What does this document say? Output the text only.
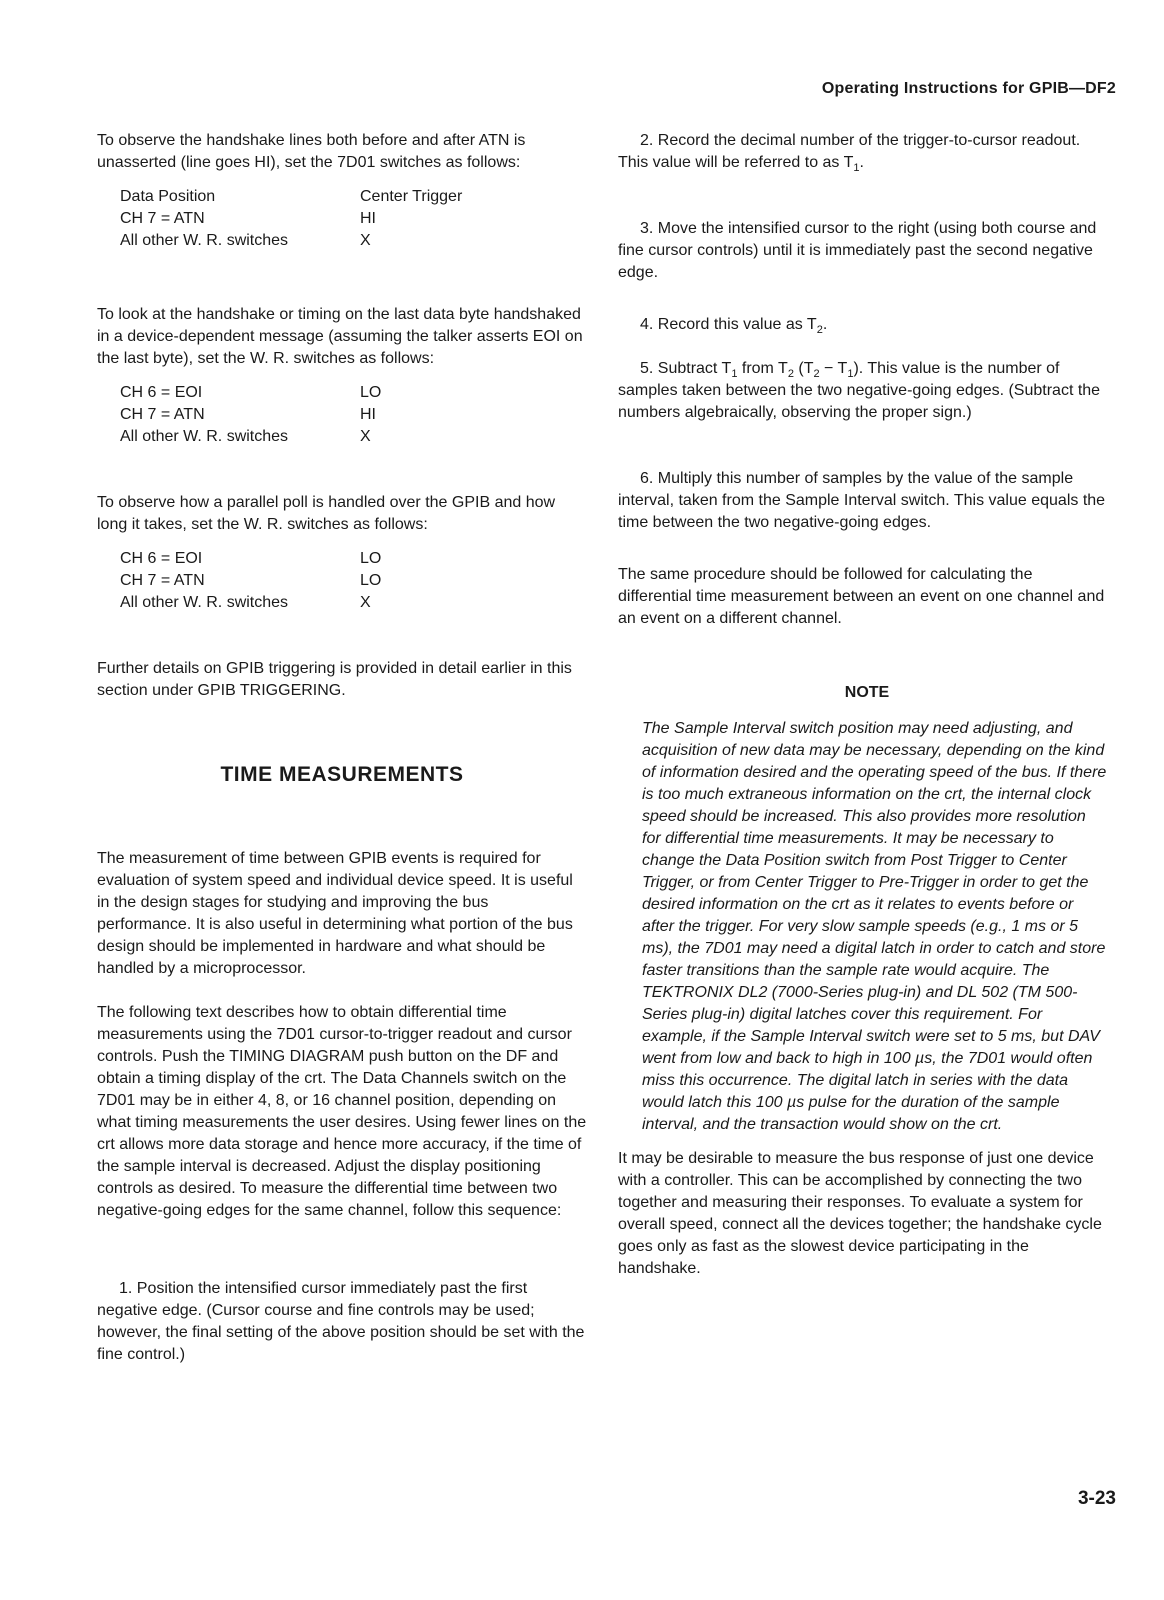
Operating Instructions for GPIB—DF2

To observe the handshake lines both before and after ATN is unasserted (line goes HI), set the 7D01 switches as follows:

Data Position	Center Trigger
CH 7 = ATN	HI
All other W. R. switches	X

To look at the handshake or timing on the last data byte handshaked in a device-dependent message (assuming the talker asserts EOI on the last byte), set the W. R. switches as follows:

CH 6 = EOI	LO
CH 7 = ATN	HI
All other W. R. switches	X

To observe how a parallel poll is handled over the GPIB and how long it takes, set the W. R. switches as follows:

CH 6 = EOI	LO
CH 7 = ATN	LO
All other W. R. switches	X

Further details on GPIB triggering is provided in detail earlier in this section under GPIB TRIGGERING.

TIME MEASUREMENTS

The measurement of time between GPIB events is required for evaluation of system speed and individual device speed. It is useful in the design stages for studying and improving the bus performance. It is also useful in determining what portion of the bus design should be implemented in hardware and what should be handled by a microprocessor.

The following text describes how to obtain differential time measurements using the 7D01 cursor-to-trigger readout and cursor controls. Push the TIMING DIAGRAM push button on the DF and obtain a timing display of the crt. The Data Channels switch on the 7D01 may be in either 4, 8, or 16 channel position, depending on what timing measurements the user desires. Using fewer lines on the crt allows more data storage and hence more accuracy, if the time of the sample interval is decreased. Adjust the display positioning controls as desired. To measure the differential time between two negative-going edges for the same channel, follow this sequence:

1. Position the intensified cursor immediately past the first negative edge. (Cursor course and fine controls may be used; however, the final setting of the above position should be set with the fine control.)

2. Record the decimal number of the trigger-to-cursor readout. This value will be referred to as $T_1$.

3. Move the intensified cursor to the right (using both course and fine cursor controls) until it is immediately past the second negative edge.

4. Record this value as $T_2$.

5. Subtract $T_1$ from $T_2$ $(T_2 - T_1)$. This value is the number of samples taken between the two negative-going edges. (Subtract the numbers algebraically, observing the proper sign.)

6. Multiply this number of samples by the value of the sample interval, taken from the Sample Interval switch. This value equals the time between the two negative-going edges.

The same procedure should be followed for calculating the differential time measurement between an event on one channel and an event on a different channel.

NOTE

The Sample Interval switch position may need adjusting, and acquisition of new data may be necessary, depending on the kind of information desired and the operating speed of the bus. If there is too much extraneous information on the crt, the internal clock speed should be increased. This also provides more resolution for differential time measurements. It may be necessary to change the Data Position switch from Post Trigger to Center Trigger, or from Center Trigger to Pre-Trigger in order to get the desired information on the crt as it relates to events before or after the trigger. For very slow sample speeds (e.g., 1 ms or 5 ms), the 7D01 may need a digital latch in order to catch and store faster transitions than the sample rate would acquire. The TEKTRONIX DL2 (7000-Series plug-in) and DL 502 (TM 500-Series plug-in) digital latches cover this requirement. For example, if the Sample Interval switch were set to 5 ms, but DAV went from low and back to high in 100 µs, the 7D01 would often miss this occurrence. The digital latch in series with the data would latch this 100 µs pulse for the duration of the sample interval, and the transaction would show on the crt.

It may be desirable to measure the bus response of just one device with a controller. This can be accomplished by connecting the two together and measuring their responses. To evaluate a system for overall speed, connect all the devices together; the handshake cycle goes only as fast as the slowest device participating in the handshake.

3-23
